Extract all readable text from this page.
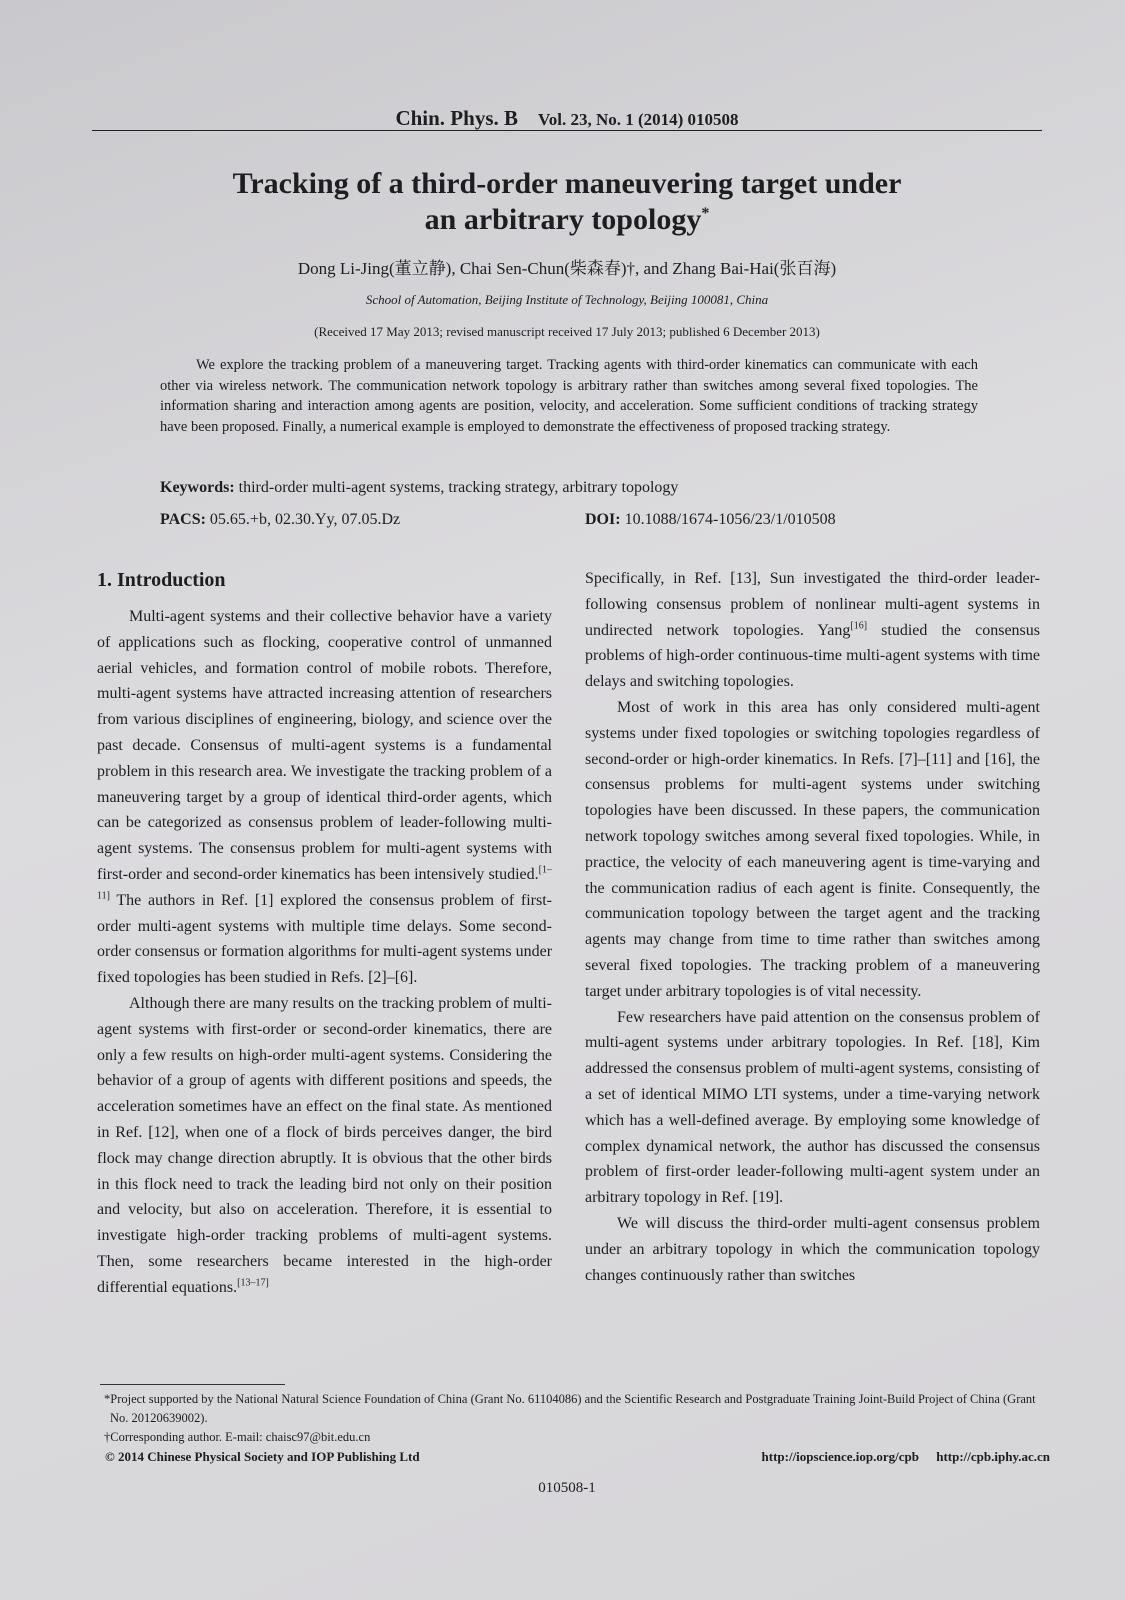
Chin. Phys. B Vol. 23, No. 1 (2014) 010508
Tracking of a third-order maneuvering target under
an arbitrary topology*
Dong Li-Jing(董立静), Chai Sen-Chun(柴森春)†, and Zhang Bai-Hai(张百海)
School of Automation, Beijing Institute of Technology, Beijing 100081, China
(Received 17 May 2013; revised manuscript received 17 July 2013; published 6 December 2013)

We explore the tracking problem of a maneuvering target. Tracking agents with third-order kinematics can communicate with each other via wireless network. The communication network topology is arbitrary rather than switches among several fixed topologies. The information sharing and interaction among agents are position, velocity, and acceleration. Some sufficient conditions of tracking strategy have been proposed. Finally, a numerical example is employed to demonstrate the effectiveness of proposed tracking strategy.

Keywords: third-order multi-agent systems, tracking strategy, arbitrary topology
PACS: 05.65.+b, 02.30.Yy, 07.05.Dz	DOI: 10.1088/1674-1056/23/1/010508
1. Introduction

Multi-agent systems and their collective behavior have a variety of applications such as flocking, cooperative control of unmanned aerial vehicles, and formation control of mobile robots. Therefore, multi-agent systems have attracted increasing attention of researchers from various disciplines of engineering, biology, and science over the past decade. Consensus of multi-agent systems is a fundamental problem in this research area. We investigate the tracking problem of a maneuvering target by a group of identical third-order agents, which can be categorized as consensus problem of leader-following multi-agent systems. The consensus problem for multi-agent systems with first-order and second-order kinematics has been intensively studied.[1–11] The authors in Ref. [1] explored the consensus problem of first-order multi-agent systems with multiple time delays. Some second-order consensus or formation algorithms for multi-agent systems under fixed topologies has been studied in Refs. [2]–[6].

Although there are many results on the tracking problem of multi-agent systems with first-order or second-order kinematics, there are only a few results on high-order multi-agent systems. Considering the behavior of a group of agents with different positions and speeds, the acceleration sometimes have an effect on the final state. As mentioned in Ref. [12], when one of a flock of birds perceives danger, the bird flock may change direction abruptly. It is obvious that the other birds in this flock need to track the leading bird not only on their position and velocity, but also on acceleration. Therefore, it is essential to investigate high-order tracking problems of multi-agent systems. Then, some researchers became interested in the high-order differential equations.[13–17]

Specifically, in Ref. [13], Sun investigated the third-order leader-following consensus problem of nonlinear multi-agent systems in undirected network topologies. Yang[16] studied the consensus problems of high-order continuous-time multi-agent systems with time delays and switching topologies.

Most of work in this area has only considered multi-agent systems under fixed topologies or switching topologies regardless of second-order or high-order kinematics. In Refs. [7]–[11] and [16], the consensus problems for multi-agent systems under switching topologies have been discussed. In these papers, the communication network topology switches among several fixed topologies. While, in practice, the velocity of each maneuvering agent is time-varying and the communication radius of each agent is finite. Consequently, the communication topology between the target agent and the tracking agents may change from time to time rather than switches among several fixed topologies. The tracking problem of a maneuvering target under arbitrary topologies is of vital necessity.

Few researchers have paid attention on the consensus problem of multi-agent systems under arbitrary topologies. In Ref. [18], Kim addressed the consensus problem of multi-agent systems, consisting of a set of identical MIMO LTI systems, under a time-varying network which has a well-defined average. By employing some knowledge of complex dynamical network, the author has discussed the consensus problem of first-order leader-following multi-agent system under an arbitrary topology in Ref. [19].

We will discuss the third-order multi-agent consensus problem under an arbitrary topology in which the communication topology changes continuously rather than switches

*Project supported by the National Natural Science Foundation of China (Grant No. 61104086) and the Scientific Research and Postgraduate Training Joint-Build Project of China (Grant No. 20120639002).
†Corresponding author. E-mail: chaisc97@bit.edu.cn
© 2014 Chinese Physical Society and IOP Publishing Ltd	http://iopscience.iop.org/cpb http://cpb.iphy.ac.cn
010508-1
